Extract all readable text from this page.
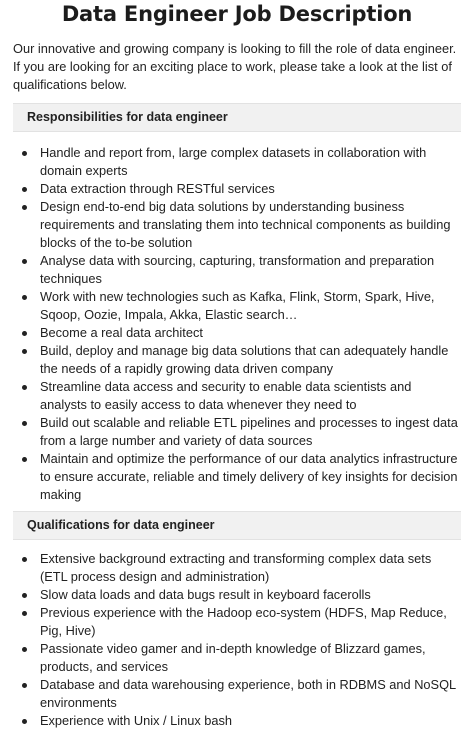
Data Engineer Job Description

Our innovative and growing company is looking to fill the role of data engineer. If you are looking for an exciting place to work, please take a look at the list of qualifications below.

Responsibilities for data engineer
Handle and report from, large complex datasets in collaboration with domain experts
Data extraction through RESTful services
Design end-to-end big data solutions by understanding business requirements and translating them into technical components as building blocks of the to-be solution
Analyse data with sourcing, capturing, transformation and preparation techniques
Work with new technologies such as Kafka, Flink, Storm, Spark, Hive, Sqoop, Oozie, Impala, Akka, Elastic search…
Become a real data architect
Build, deploy and manage big data solutions that can adequately handle the needs of a rapidly growing data driven company
Streamline data access and security to enable data scientists and analysts to easily access to data whenever they need to
Build out scalable and reliable ETL pipelines and processes to ingest data from a large number and variety of data sources
Maintain and optimize the performance of our data analytics infrastructure to ensure accurate, reliable and timely delivery of key insights for decision making
Qualifications for data engineer
Extensive background extracting and transforming complex data sets (ETL process design and administration)
Slow data loads and data bugs result in keyboard facerolls
Previous experience with the Hadoop eco-system (HDFS, Map Reduce, Pig, Hive)
Passionate video gamer and in-depth knowledge of Blizzard games, products, and services
Database and data warehousing experience, both in RDBMS and NoSQL environments
Experience with Unix / Linux bash
